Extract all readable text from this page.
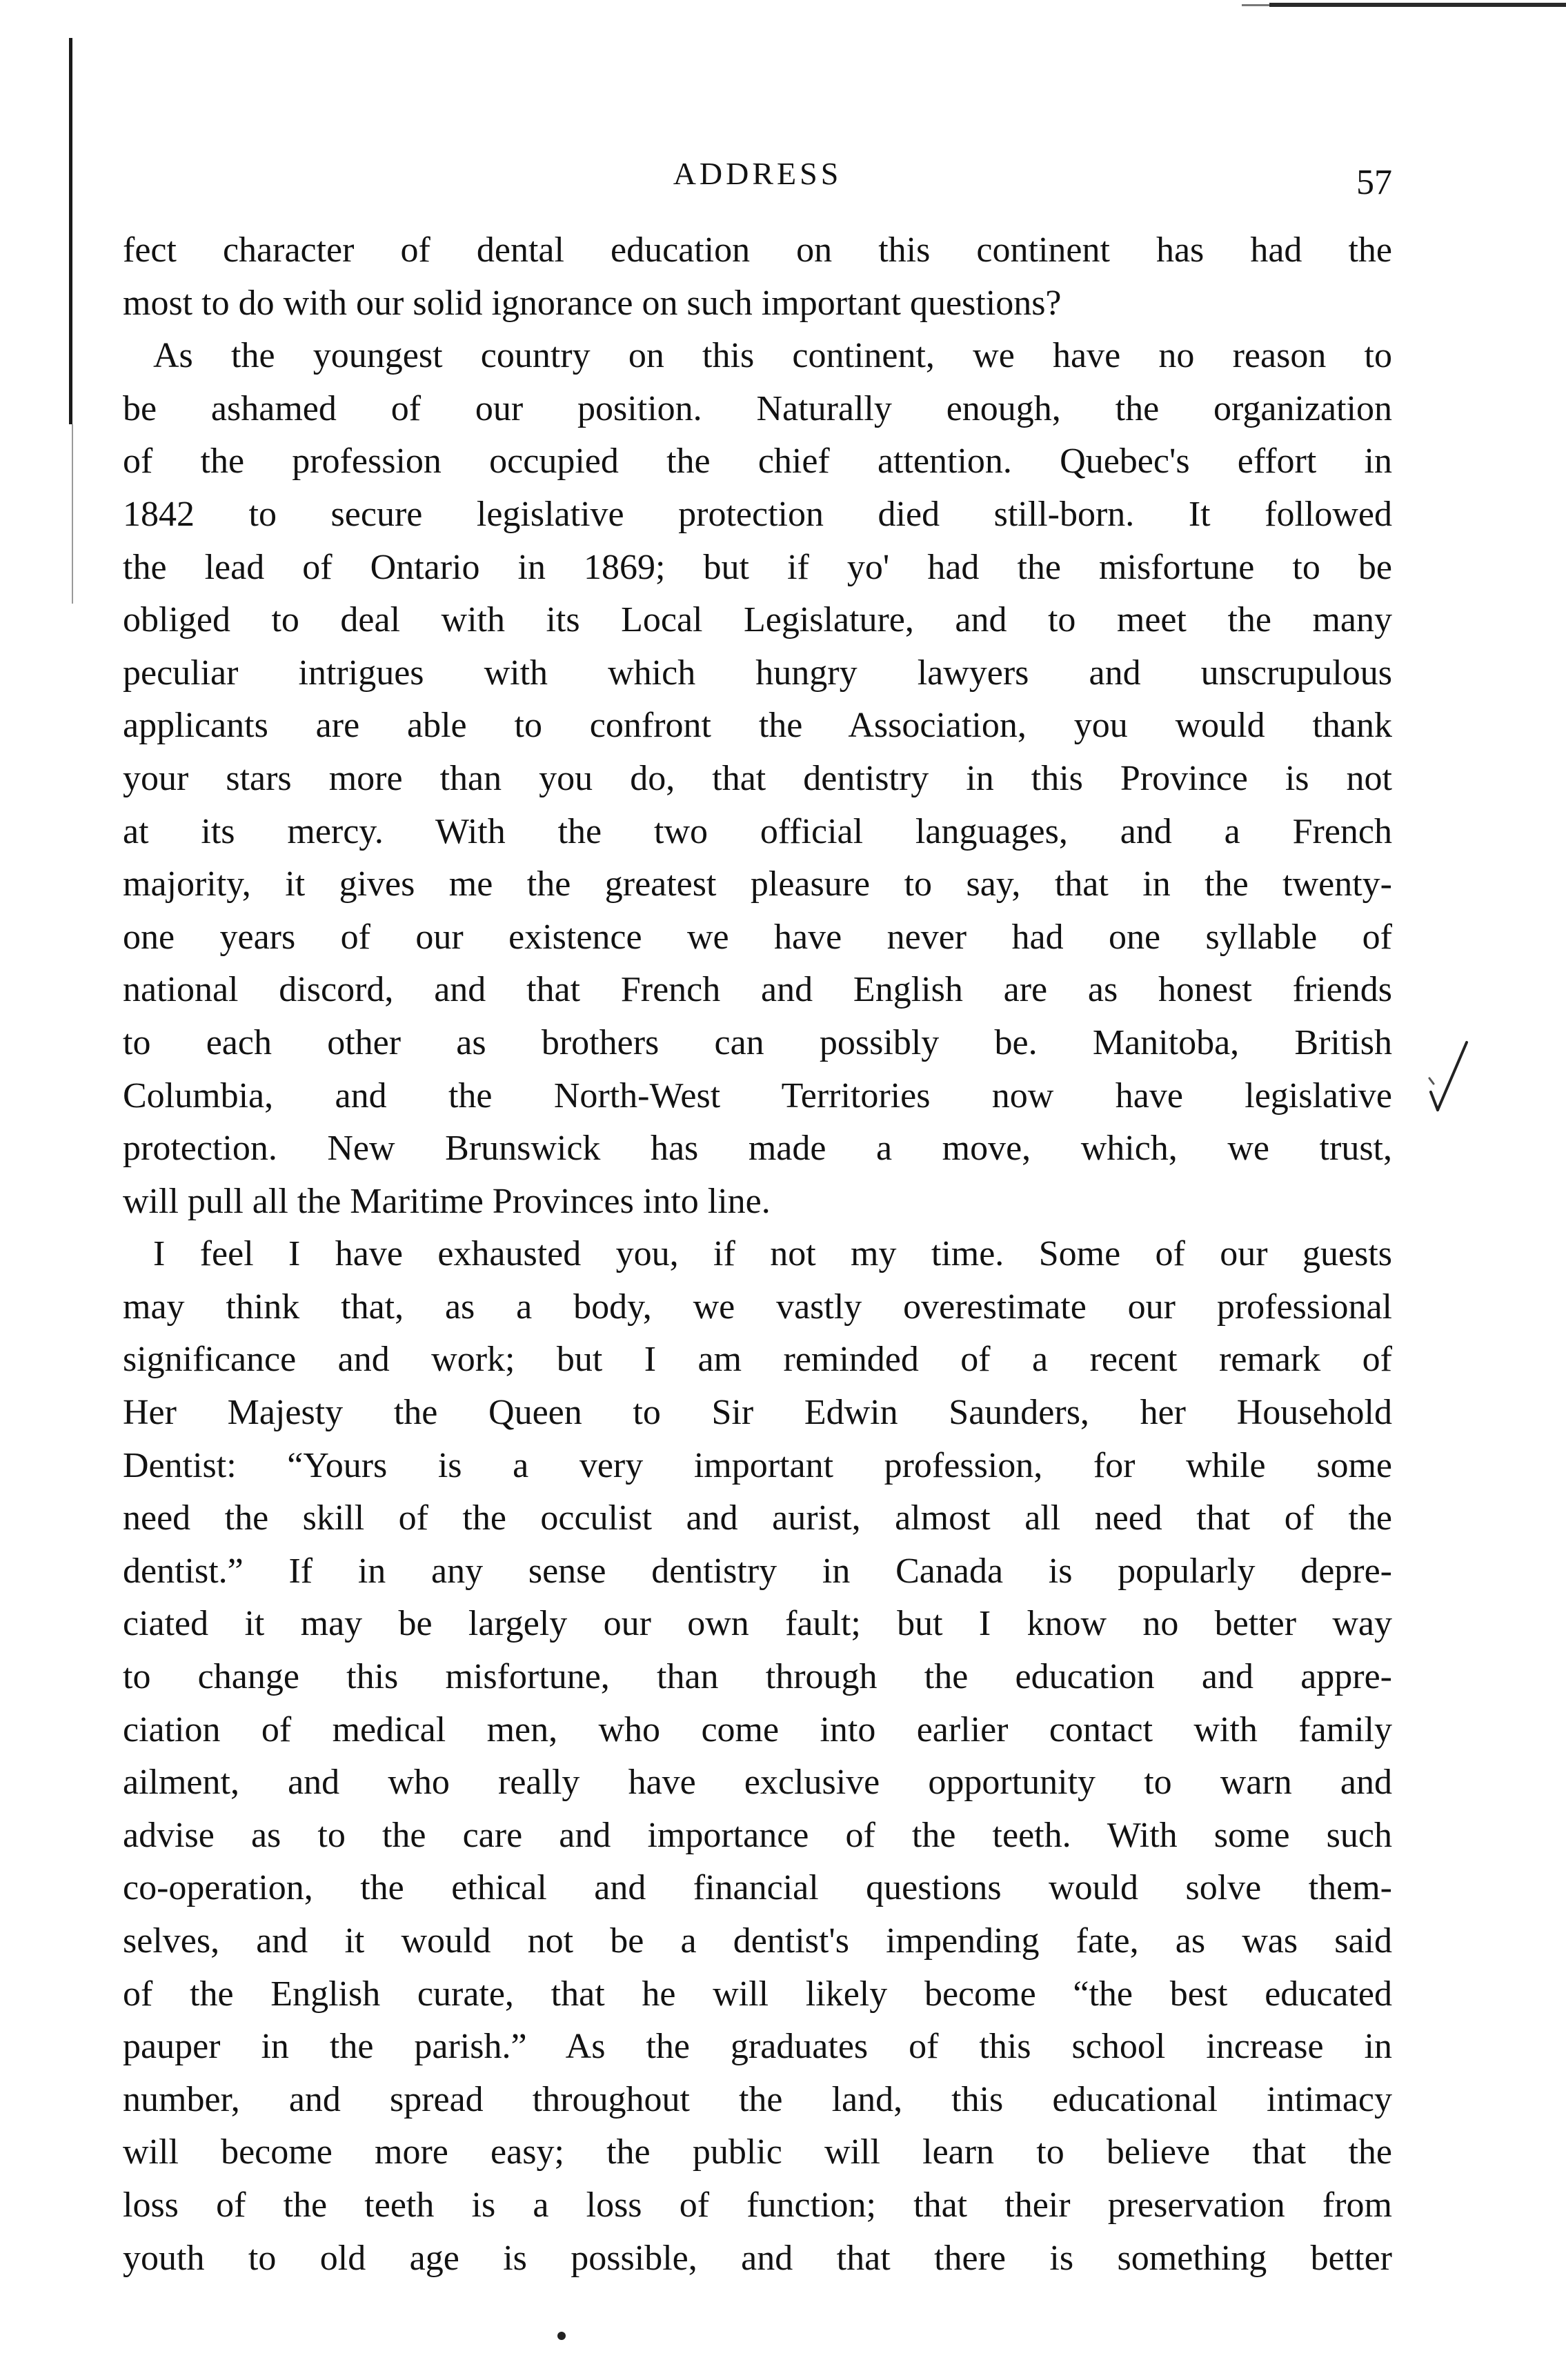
ADDRESS	57
fect character of dental education on this continent has had the
most to do with our solid ignorance on such important questions?
As the youngest country on this continent, we have no reason to
be ashamed of our position. Naturally enough, the organization
of the profession occupied the chief attention. Quebec's effort in
1842 to secure legislative protection died still-born. It followed
the lead of Ontario in 1869; but if yo' had the misfortune to be
obliged to deal with its Local Legislature, and to meet the many
peculiar intrigues with which hungry lawyers and unscrupulous
applicants are able to confront the Association, you would thank
your stars more than you do, that dentistry in this Province is not
at its mercy. With the two official languages, and a French
majority, it gives me the greatest pleasure to say, that in the twenty-
one years of our existence we have never had one syllable of
national discord, and that French and English are as honest friends
to each other as brothers can possibly be. Manitoba, British
Columbia, and the North-West Territories now have legislative
protection. New Brunswick has made a move, which, we trust,
will pull all the Maritime Provinces into line.
I feel I have exhausted you, if not my time. Some of our guests
may think that, as a body, we vastly overestimate our professional
significance and work; but I am reminded of a recent remark of
Her Majesty the Queen to Sir Edwin Saunders, her Household
Dentist: “Yours is a very important profession, for while some
need the skill of the occulist and aurist, almost all need that of the
dentist.” If in any sense dentistry in Canada is popularly depre-
ciated it may be largely our own fault; but I know no better way
to change this misfortune, than through the education and appre-
ciation of medical men, who come into earlier contact with family
ailment, and who really have exclusive opportunity to warn and
advise as to the care and importance of the teeth. With some such
co-operation, the ethical and financial questions would solve them-
selves, and it would not be a dentist's impending fate, as was said
of the English curate, that he will likely become “the best educated
pauper in the parish.” As the graduates of this school increase in
number, and spread throughout the land, this educational intimacy
will become more easy; the public will learn to believe that the
loss of the teeth is a loss of function; that their preservation from
youth to old age is possible, and that there is something better
